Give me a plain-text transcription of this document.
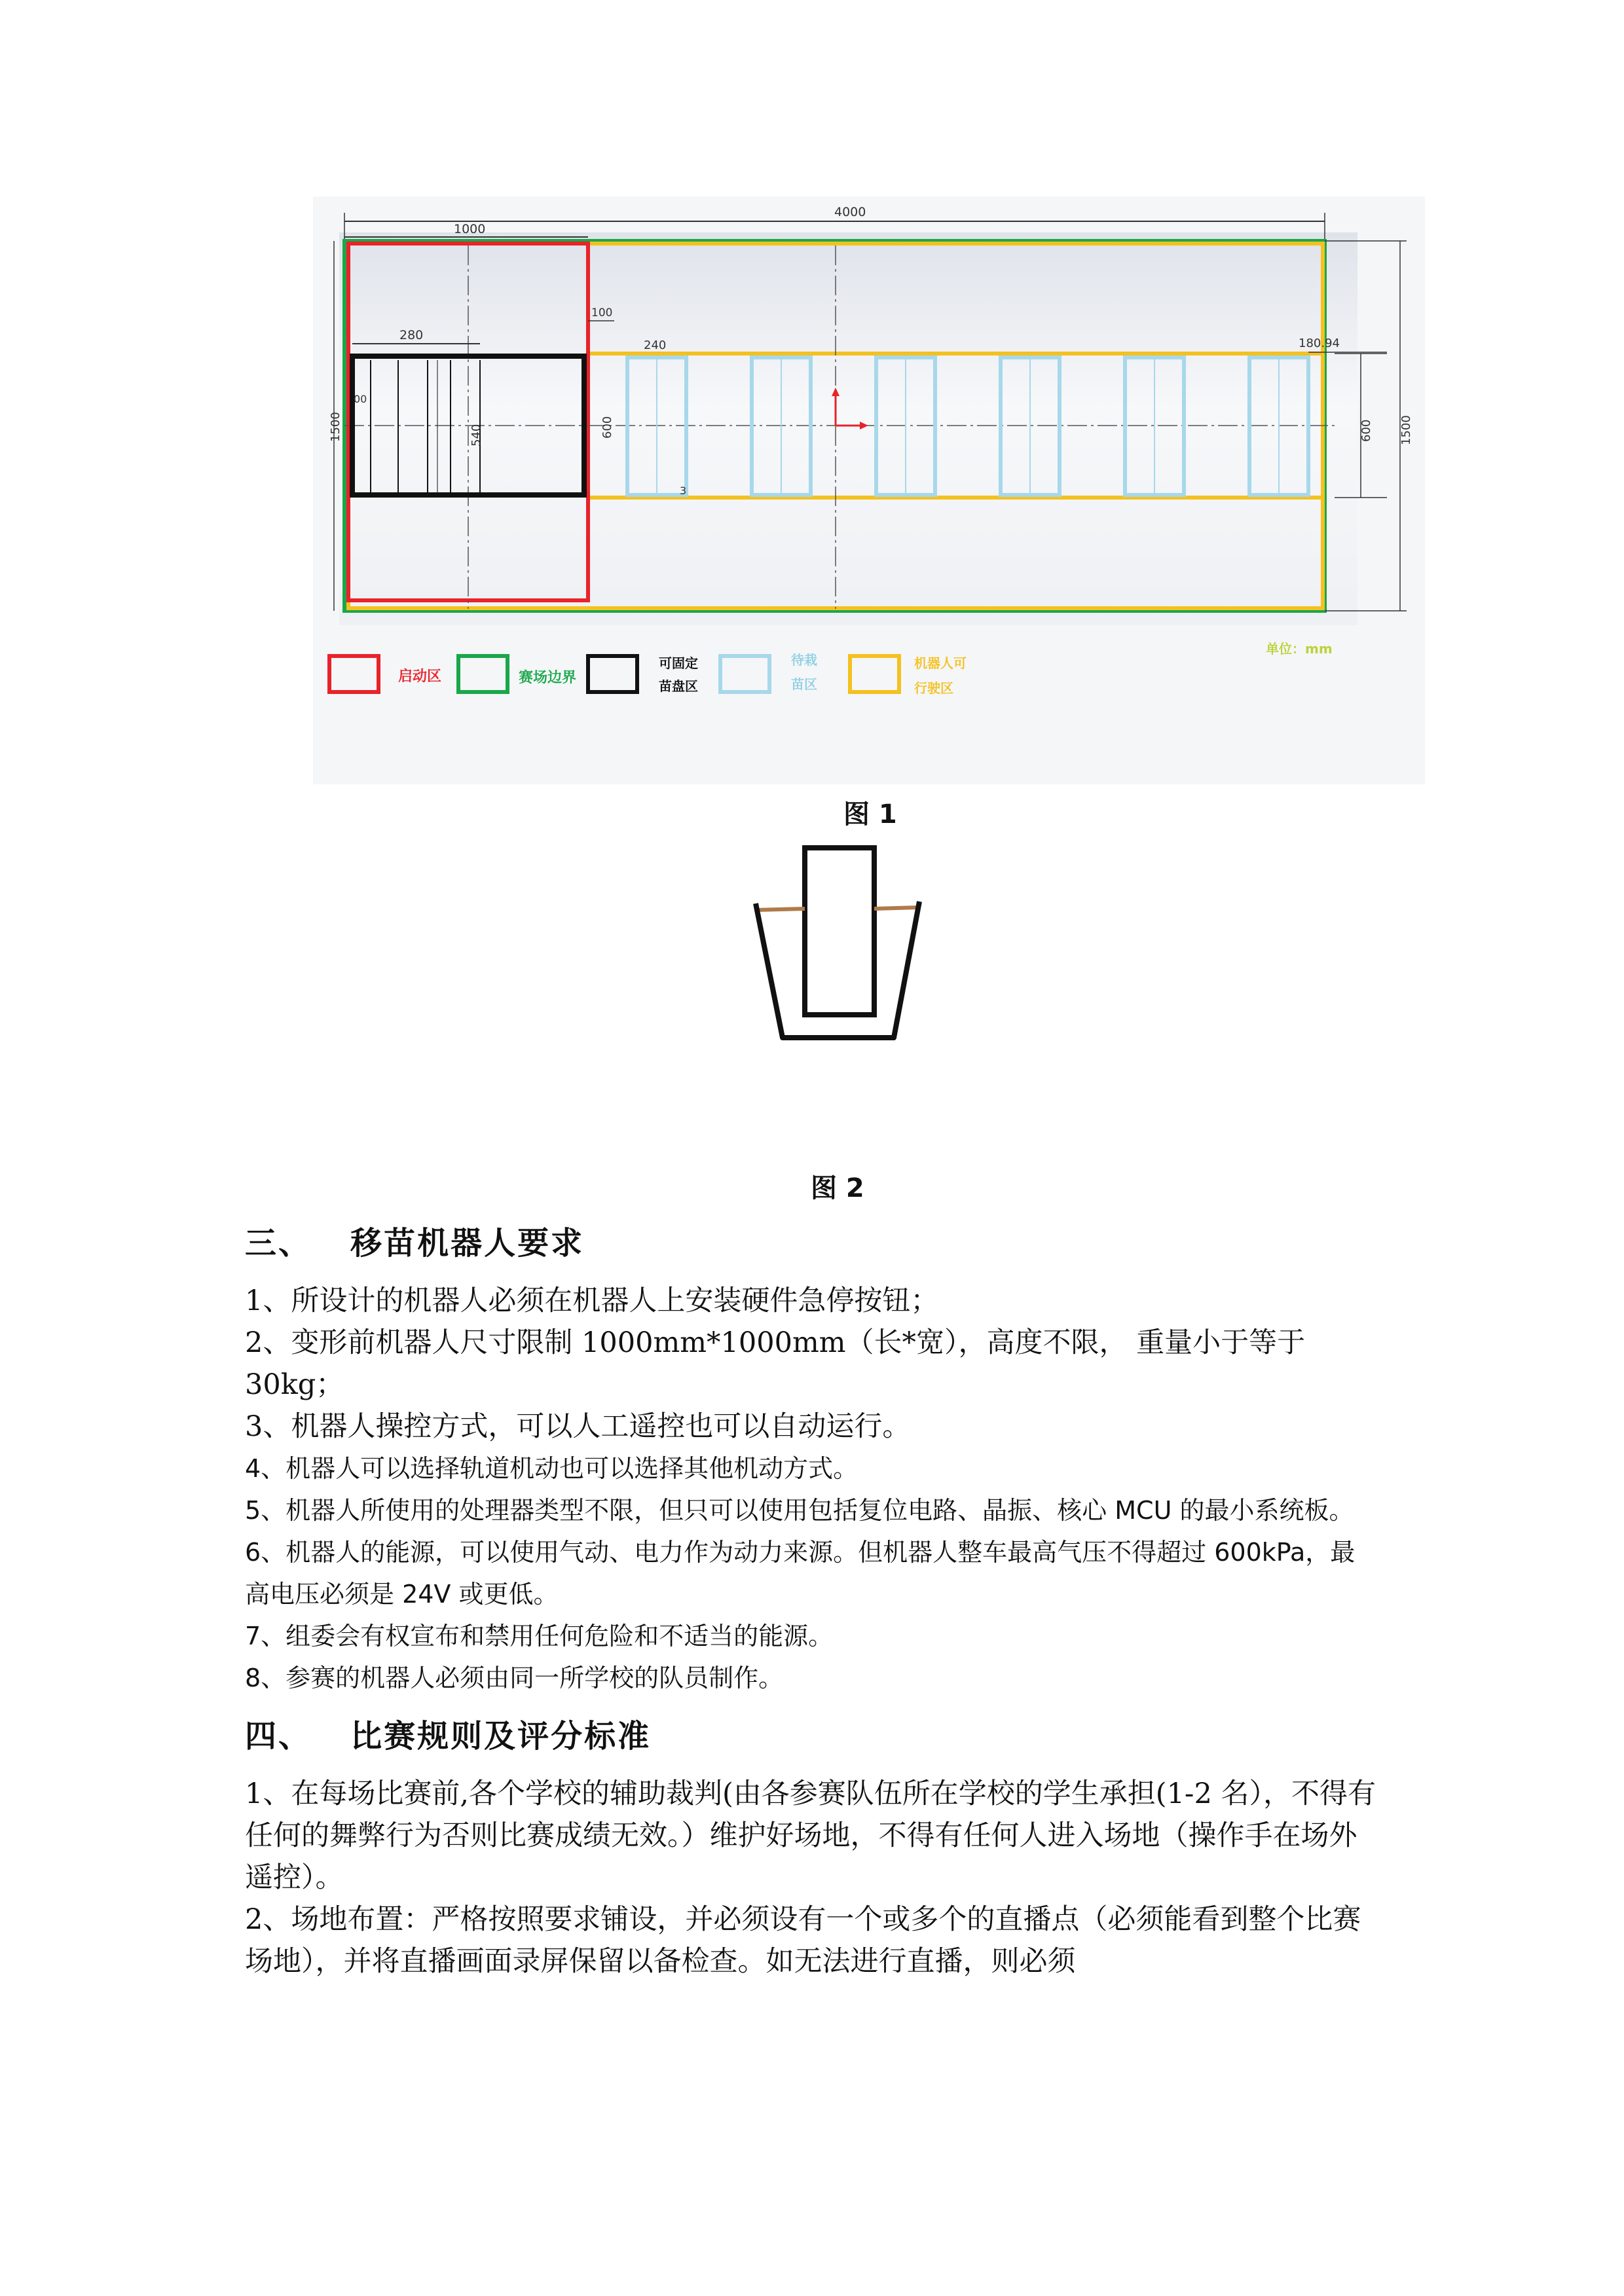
4000
1000
280
00
540
100
600
240
3
180.94
1500	600 1500
启动区	赛场边界
可固定
苗盘区
待栽
苗区
机器人可
行驶区
单位：mm
图 1
图 2

三、   移苗机器人要求

1、所设计的机器人必须在机器人上安装硬件急停按钮；

2、变形前机器人尺寸限制 1000mm*1000mm（长*宽），高度不限， 重量小于等于 30kg；

3、机器人操控方式，可以人工遥控也可以自动运行。

4、机器人可以选择轨道机动也可以选择其他机动方式。

5、机器人所使用的处理器类型不限，但只可以使用包括复位电路、晶振、核心 MCU 的最小系统板。

6、机器人的能源，可以使用气动、电力作为动力来源。但机器人整车最高气压不得超过 600kPa，最高电压必须是 24V 或更低。

7、组委会有权宣布和禁用任何危险和不适当的能源。

8、参赛的机器人必须由同一所学校的队员制作。

四、   比赛规则及评分标准

1、在每场比赛前,各个学校的辅助裁判(由各参赛队伍所在学校的学生承担(1-2 名），不得有任何的舞弊行为否则比赛成绩无效。）维护好场地，不得有任何人进入场地（操作手在场外遥控）。

2、场地布置：严格按照要求铺设，并必须设有一个或多个的直播点（必须能看到整个比赛场地），并将直播画面录屏保留以备检查。如无法进行直播，则必须
